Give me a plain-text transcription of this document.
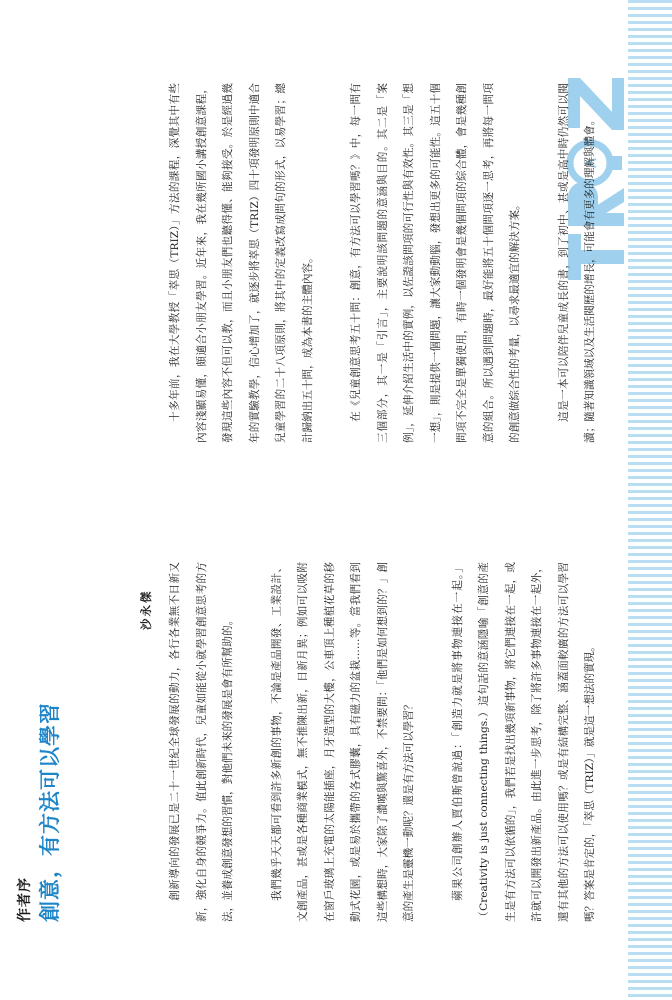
作者序 創意，有方法可以學習
沙永傑	創新導向的發展已是二十一世紀全球發展的動力，各行各業無不日新又新，強化自身的競爭力。值此創新時代，兒童如能從小就學習創意思考的方法，並養成創意發想的習慣，對他們未來的發展是會有所幫助的。	我們幾乎天天都可看到許多新創的事物，不論是產品開發、工業設計、文創產品，甚或是各種商業模式，無不推陳出新，日新月異；例如可以吸附在窗戶玻璃上充電的太陽能插座，月牙造型的大樓，公車頂上種植花草的移動式花園，或是易於攜帶的各式膠囊，具有磁力的盆栽……等。當我們看到這些構想時，大家除了讚嘆與驚喜外，不禁要問：「他們是如何想到的？」創意的產生是靈機一動呢？還是有方法可以學習？	蘋果公司創辦人賈伯斯曾說過：「創造力就是將事物連接在一起。」（Creativity is just connecting things.）這句話的意涵隱喻「創意的產生是有方法可以依循的」，我們若是找出幾項新事物，將它們連接在一起，或許就可以開發出新產品。由此進一步思考，除了將許多事物連接在一起外，還有其他的方法可以使用嗎？或是有結構完整、涵蓋面較廣的方法可以學習嗎？答案是肯定的，「萃思（TRIZ）」就是這一想法的實現。

十多年前，我在大學教授「萃思（TRIZ）」方法的課程，深覺其中有些內容淺顯易懂，頗適合小朋友學習。近年來，我在幾所國小講授創意課程，發現這些內容不但可以教，而且小朋友們也聽得懂、能夠接受。於是經過幾年的實驗教學，信心增加了，就逐步將萃思（TRIZ）四十項發明原則中適合兒童學習的二十八項原則，將其中的定義改寫成問句的形式，以易學習；總計歸納出五十問，成為本書的主體內容。	在《兒童創意思考五十問：創意，有方法可以學習嗎？》中，每一問有三個部分，其一是「引言」，主要說明該問題的意涵與目的。其二是「案例」，延伸介紹生活中的實例，以佐證該問項的可行性與有效性。其三是「想一想」，則是提供一個問題，讓大家動動腦，發想出更多的可能性。這五十個問項不完全是單獨使用，有時一個發明會是幾個問項的綜合體，會是幾種創意的組合。所以遇到問題時，最好能將五十個問項逐一思考，再將每一問項的創意做綜合性的考量，以尋求最適宜的解決方案。	這是一本可以陪伴兒童成長的書，到了初中、甚或是高中時仍然可以閱讀；隨著知識領域以及生活閱歷的增長，可能會有更多的理解與體會。
